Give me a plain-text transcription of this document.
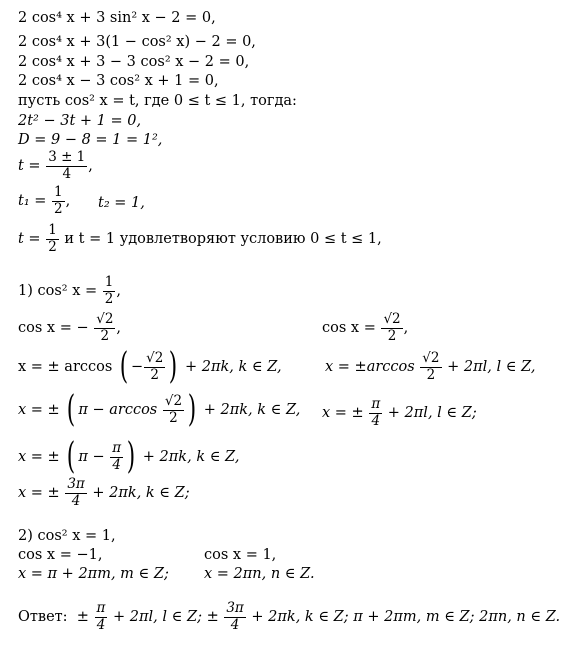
2 cos⁴ x + 3 sin² x − 2 = 0,
2 cos⁴ x + 3(1 − cos² x) − 2 = 0,
2 cos⁴ x + 3 − 3 cos² x − 2 = 0,
2 cos⁴ x − 3 cos² x + 1 = 0,
пусть cos² x = t, где 0 ≤ t ≤ 1, тогда:
2t² − 3t + 1 = 0,
D = 9 − 8 = 1 = 1²,
$t = \frac{3 \pm 1}{4}$ ,
$t_1 = \frac{1}{2}$ , t₂ = 1,
$t = \frac{1}{2}$ и t = 1 удовлетворяют условию 0 ≤ t ≤ 1,
1) cos² $x = \frac{1}{2}$ ,
cos x = − $\frac{√2}{2}$ ,	$\cos x = \frac{√2}{2}$ ,
x = ± arccos ( − $\frac{√2}{2}$ ) + 2πk, k ∈ Z,	$x = \pm\arccos \frac{√2}{2} + 2\pi l$, l ∈ Z,
x = ± ( $\pi - \arccos \frac{√2}{2}$ ) + 2πk, k ∈ Z, x = ± $\frac{\pi}{4} + 2\pi l$, l ∈ Z;
x = ± ( $\pi - \frac{\pi}{4}$ ) + 2πk, k ∈ Z,
x = ± $\frac{3\pi}{4} + 2\pi k$, k ∈ Z;
2) cos² x = 1,
cos x = −1,	cos x = 1,
x = π + 2πm, m ∈ Z; x = 2πn, n ∈ Z.
Ответ: ± $\frac{\pi}{4} + 2\pi l$, l ∈ Z; ± $\frac{3\pi}{4} + 2\pi k$, k ∈ Z; π + 2πm, m ∈ Z; 2πn, n ∈ Z.
